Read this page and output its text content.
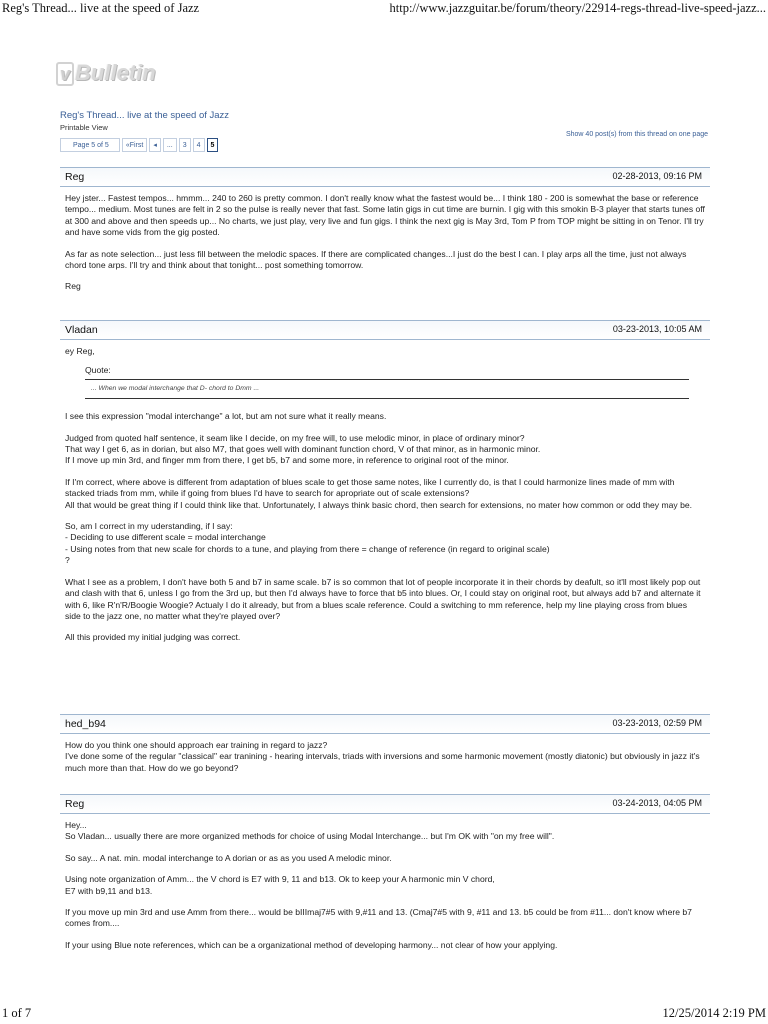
Reg's Thread... live at the speed of Jazz	http://www.jazzguitar.be/forum/theory/22914-regs-thread-live-speed-jazz...
v Bulletin
Reg's Thread... live at the speed of Jazz
Printable View
Show 40 post(s) from this thread on one page
Page 5 of 5	«First	◂	...	3	4	5
Reg	02-28-2013, 09:16 PM

Hey jster... Fastest tempos... hmmm... 240 to 260 is pretty common. I don't really know what the fastest would be... I think 180 - 200 is somewhat the base or reference tempo... medium. Most tunes are felt in 2 so the pulse is really never that fast. Some latin gigs in cut time are burnin. I gig with this smokin B-3 player that starts tunes off at 300 and above and then speeds up... No charts, we just play, very live and fun gigs. I think the next gig is May 3rd, Tom P from TOP might be sitting in on Tenor. I'll try and have some vids from the gig posted.

As far as note selection... just less fill between the melodic spaces. If there are complicated changes...I just do the best I can. I play arps all the time, just not always chord tone arps. I'll try and think about that tonight... post something tomorrow.

Reg

Vladan	03-23-2013, 10:05 AM

ey Reg,

Quote:
... When we modal interchange that D- chord to Dmm ...

I see this expression "modal interchange" a lot, but am not sure what it really means.

Judged from quoted half sentence, it seam like I decide, on my free will, to use melodic minor, in place of ordinary minor?
That way I get 6, as in dorian, but also M7, that goes well with dominant function chord, V of that minor, as in harmonic minor.
If I move up min 3rd, and finger mm from there, I get b5, b7 and some more, in reference to original root of the minor.

If I'm correct, where above is different from adaptation of blues scale to get those same notes, like I currently do, is that I could harmonize lines made of mm with stacked triads from mm, while if going from blues I'd have to search for apropriate out of scale extensions?
All that would be great thing if I could think like that. Unfortunately, I always think basic chord, then search for extensions, no mater how common or odd they may be.

So, am I correct in my uderstanding, if I say:
- Deciding to use different scale = modal interchange
- Using notes from that new scale for chords to a tune, and playing from there = change of reference (in regard to original scale)
?

What I see as a problem, I don't have both 5 and b7 in same scale. b7 is so common that lot of people incorporate it in their chords by deafult, so it'll most likely pop out and clash with that 6, unless I go from the 3rd up, but then I'd always have to force that b5 into blues. Or, I could stay on original root, but always add b7 and alternate it with 6, like R'n'R/Boogie Woogie? Actualy I do it already, but from a blues scale reference. Could a switching to mm reference, help my line playing cross from blues side to the jazz one, no matter what they're played over?

All this provided my initial judging was correct.

hed_b94	03-23-2013, 02:59 PM

How do you think one should approach ear training in regard to jazz?
I've done some of the regular "classical" ear tranining - hearing intervals, triads with inversions and some harmonic movement (mostly diatonic) but obviously in jazz it's much more than that. How do we go beyond?

Reg	03-24-2013, 04:05 PM

Hey...
So Vladan... usually there are more organized methods for choice of using Modal Interchange... but I'm OK with "on my free will".

So say... A nat. min. modal interchange to A dorian or as as you used A melodic minor.

Using note organization of Amm... the V chord is E7 with 9, 11 and b13. Ok to keep your A harmonic min V chord,
E7 with b9,11 and b13.

If you move up min 3rd and use Amm from there... would be bIIImaj7#5 with 9,#11 and 13. (Cmaj7#5 with 9, #11 and 13. b5 could be from #11... don't know where b7 comes from....

If your using Blue note references, which can be a organizational method of developing harmony... not clear of how your applying.

1 of 7	12/25/2014 2:19 PM
